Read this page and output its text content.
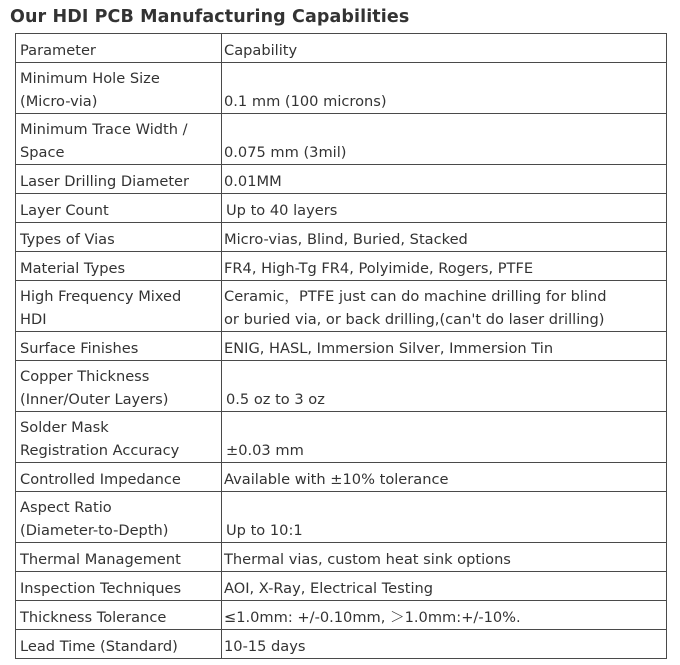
Our HDI PCB Manufacturing Capabilities
Parameter	Capability

Minimum Hole Size
(Micro-via)	0.1 mm (100 microns)

Minimum Trace Width /
Space	0.075 mm (3mil)

Laser Drilling Diameter	0.01MM
Layer Count	Up to 40 layers
Types of Vias	Micro-vias, Blind, Buried, Stacked
Material Types	FR4, High-Tg FR4, Polyimide, Rogers, PTFE

High Frequency Mixed
HDI	Ceramic，PTFE just can do machine drilling for blind
or buried via, or back drilling,(can't do laser drilling)

Surface Finishes	ENIG, HASL, Immersion Silver, Immersion Tin

Copper Thickness
(Inner/Outer Layers)	0.5 oz to 3 oz

Solder Mask
Registration Accuracy	±0.03 mm

Controlled Impedance	Available with ±10% tolerance

Aspect Ratio
(Diameter-to-Depth)	Up to 10:1

Thermal Management	Thermal vias, custom heat sink options
Inspection Techniques	AOI, X-Ray, Electrical Testing
Thickness Tolerance	≤1.0mm: +/-0.10mm, ＞1.0mm:+/-10%.
Lead Time (Standard)	10-15 days
